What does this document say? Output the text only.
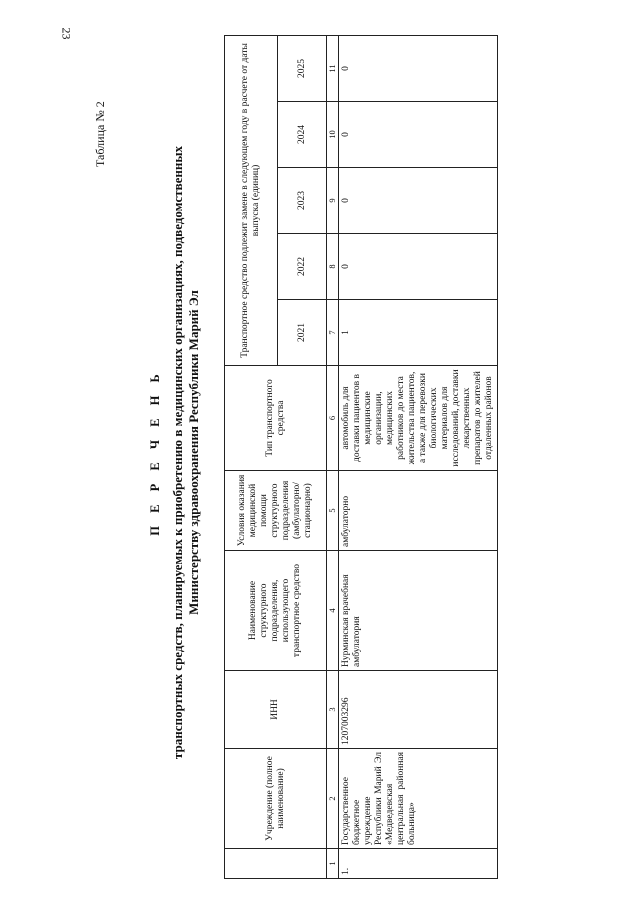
23
Таблица № 2
П Е Р Е Ч Е Н Ь транспортных средств, планируемых к приобретению в медицинских организациях, подведомственных Министерству здравоохранения Республики Марий Эл
	Учреждение (полное наименование)	ИНН	Наименование структурного подразделения, использующего транспортное средство	Условия оказания медицинской помощи структурного подразделения (амбулаторно/ стационарно)	Тип транспортного средства	Транспортное средство подлежит замене в следующем году в расчете от даты выпуска (единиц)				
						2021	2022	2023	2024	2025
1	2	3	4	5	6	7	8	9	10	11
1.	Государственное бюджетное учреждение Республики Марий Эл «Медведевская центральная районная больница»	1207003296	Нурминская врачебная амбулатория	амбулаторно	автомобиль для доставки пациентов в медицинские организации, медицинских работников до места жительства пациентов, а также для перевозки биологических материалов для исследований, доставки лекарственных препаратов до жителей отдаленных районов	1	0	0	0	0
